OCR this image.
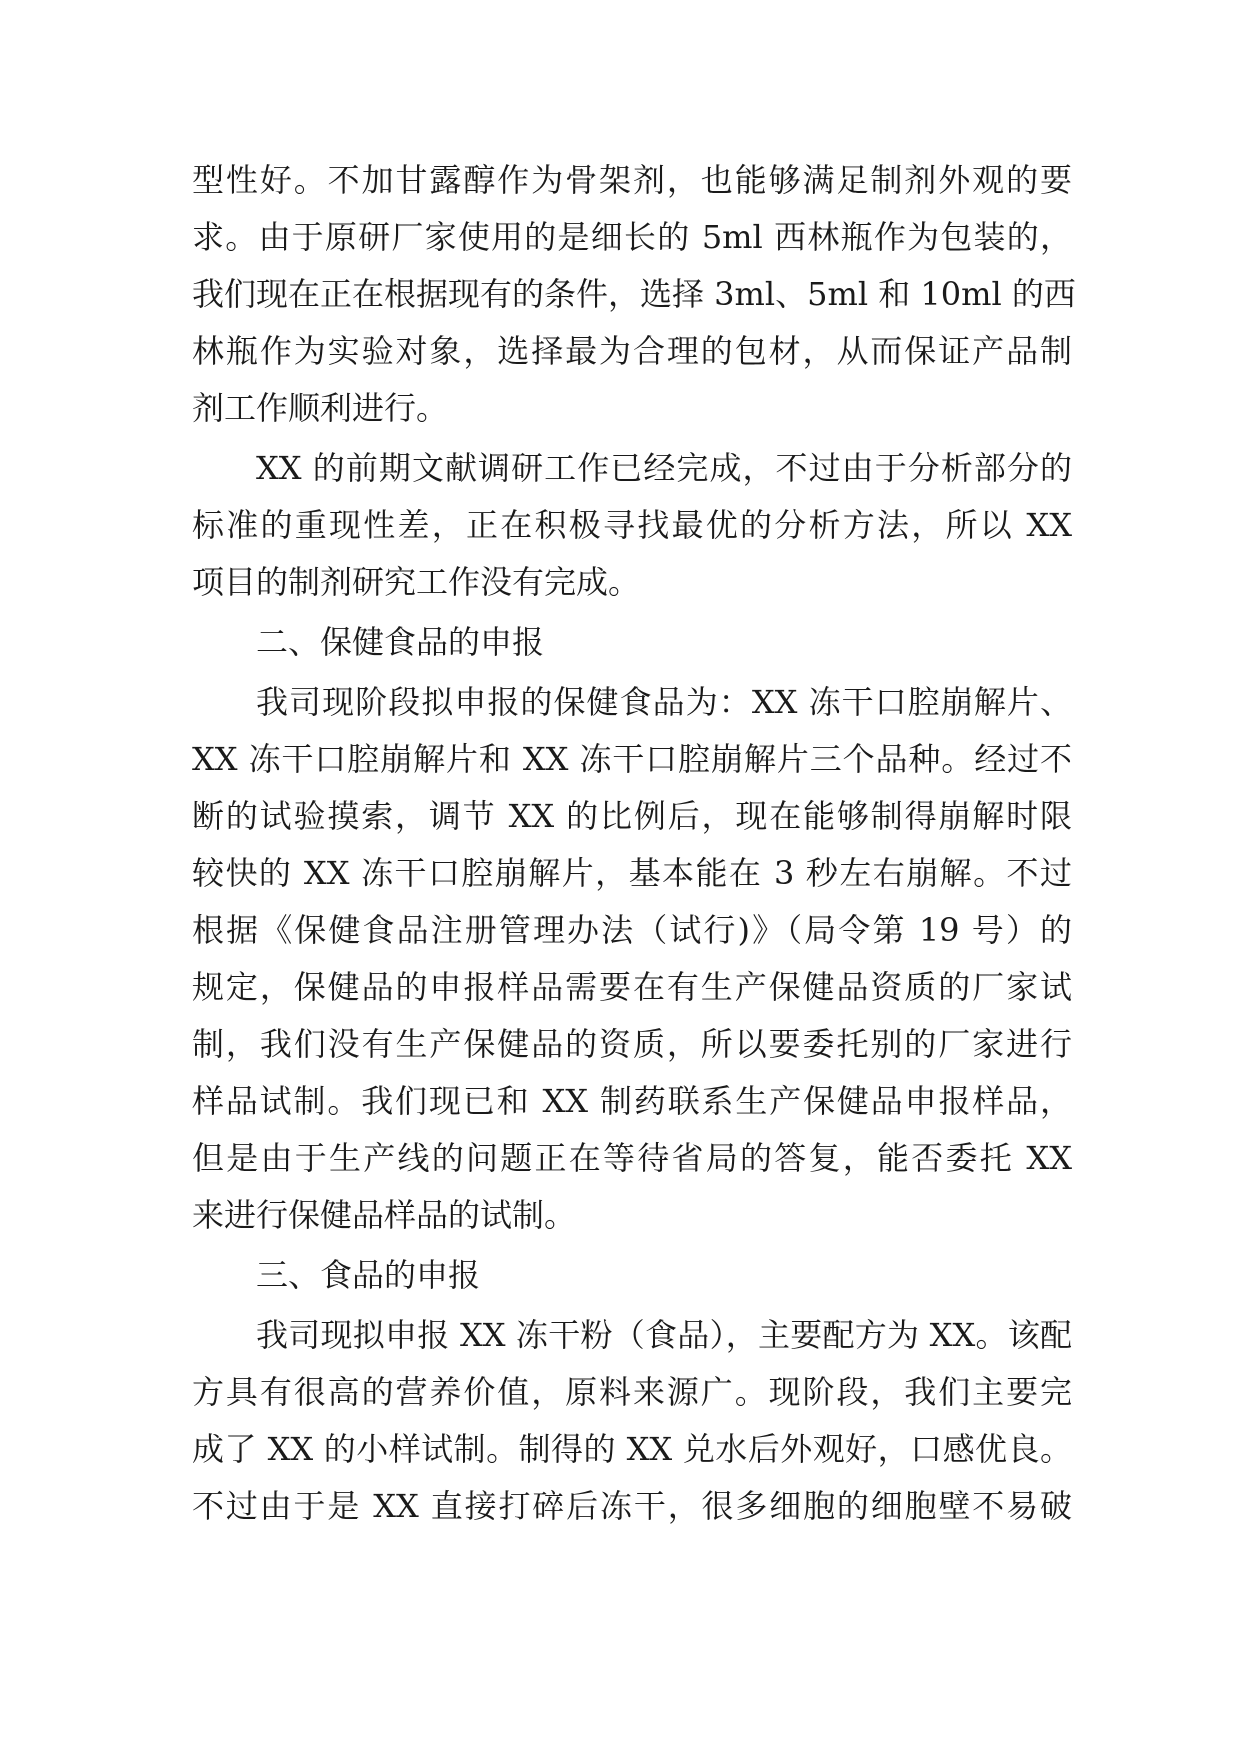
型性好。不加甘露醇作为骨架剂，也能够满足制剂外观的要
求。由于原研厂家使用的是细长的 5ml 西林瓶作为包装的，
我们现在正在根据现有的条件，选择 3ml、5ml 和 10ml 的西
林瓶作为实验对象，选择最为合理的包材，从而保证产品制
剂工作顺利进行。
XX 的前期文献调研工作已经完成，不过由于分析部分的
标准的重现性差，正在积极寻找最优的分析方法，所以 XX
项目的制剂研究工作没有完成。
二、保健食品的申报
我司现阶段拟申报的保健食品为：XX 冻干口腔崩解片、
XX 冻干口腔崩解片和 XX 冻干口腔崩解片三个品种。经过不
断的试验摸索，调节 XX 的比例后，现在能够制得崩解时限
较快的 XX 冻干口腔崩解片，基本能在 3 秒左右崩解。不过
根据《保健食品注册管理办法（试行)》（局令第 19 号）的
规定，保健品的申报样品需要在有生产保健品资质的厂家试
制，我们没有生产保健品的资质，所以要委托别的厂家进行
样品试制。我们现已和 XX 制药联系生产保健品申报样品，
但是由于生产线的问题正在等待省局的答复，能否委托 XX
来进行保健品样品的试制。
三、食品的申报
我司现拟申报 XX 冻干粉（食品），主要配方为 XX。该配
方具有很高的营养价值，原料来源广。现阶段，我们主要完
成了 XX 的小样试制。制得的 XX 兑水后外观好，口感优良。
不过由于是 XX 直接打碎后冻干，很多细胞的细胞壁不易破
